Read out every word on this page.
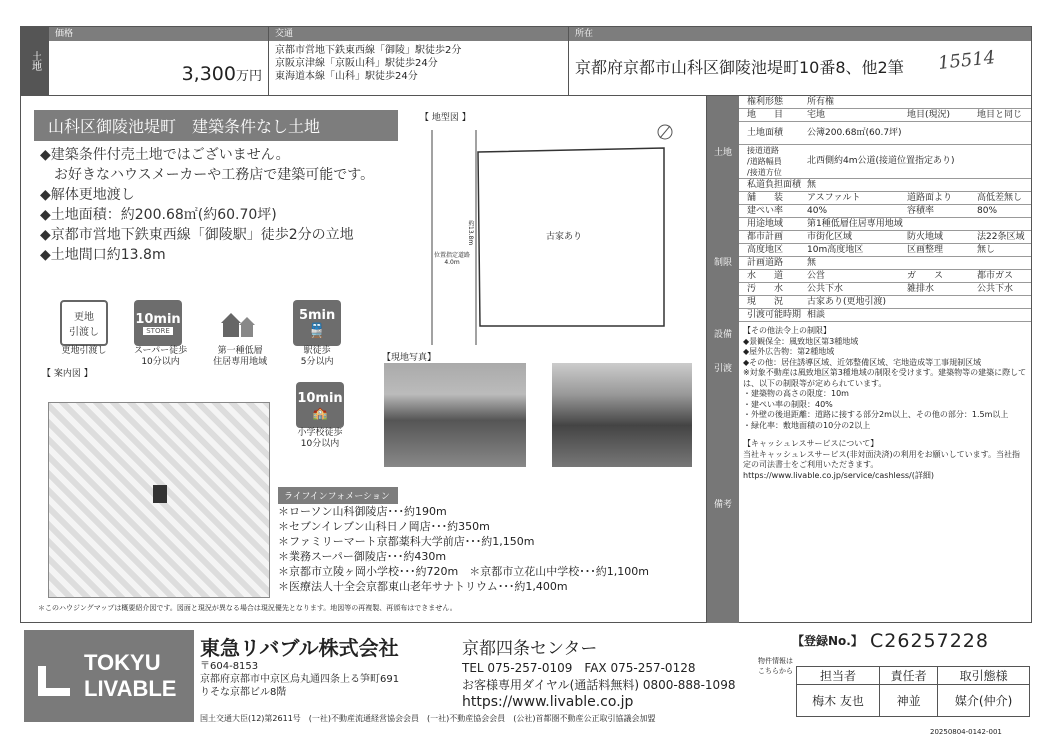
15514
土地
価格
3,300万円
交通
京都市営地下鉄東西線「御陵」駅徒歩2分
京阪京津線「京阪山科」駅徒歩24分
東海道本線「山科」駅徒歩24分
所在
京都府京都市山科区御陵池堤町10番8、他2筆
山科区御陵池堤町　建築条件なし土地
◆建築条件付売土地ではございません。
お好きなハウスメーカーや工務店で建築可能です。
◆解体更地渡し
◆土地面積：約200.68㎡(約60.70坪)
◆京都市営地下鉄東西線「御陵駅」徒歩2分の立地
◆土地間口約13.8m
更地
引渡し
更地引渡し
10min
STORE
スーパー徒歩
10分以内
第一種低層
住居専用地域
5min
🚆
駅徒歩
5分以内
10min
🏫
小学校徒歩
10分以内
【 地型図 】
古家あり
位置指定道路
4.0m
約13.8m
【現地写真】
【 案内図 】
ライフインフォメーション
＊ローソン山科御陵店･･･約190m
＊セブンイレブン山科日ノ岡店･･･約350m
＊ファミリーマート京都薬科大学前店･･･約1,150m
＊業務スーパー御陵店･･･約430m
＊京都市立陵ヶ岡小学校･･･約720m　＊京都市立花山中学校･･･約1,100m
＊医療法人十全会京都東山老年サナトリウム･･･約1,400m
＊このハウジングマップは概要紹介図です。図面と現況が異なる場合は現況優先となります。地図等の再複製、再頒布はできません。
土地
制限
設備
引渡
備考
権利形態	所有権
地　　目	宅地	地目(現況)	地目と同じ
土地面積	公簿200.68㎡(60.7坪)
接道道路
/道路幅員
/接道方位
北西側約4m公道(接道位置指定あり)
私道負担面積 無
舗　　装	アスファルト	道路面より	高低差無し
建ぺい率	40%	容積率	80%
用途地域	第1種低層住居専用地域
都市計画	市街化区域	防火地域	法22条区域
高度地区	10m高度地区	区画整理	無し
計画道路	無
水　　道	公営	ガ　　ス	都市ガス
汚　　水	公共下水	雑排水	公共下水
現　　況	古家あり(更地引渡)
引渡可能時期 相談
【その他法令上の制限】
◆景観保全：風致地区第3種地域
◆屋外広告物：第2種地域
◆その他：居住誘導区域、近郊整備区域、宅地造成等工事規制区域
※対象不動産は風致地区第3種地域の制限を受けます。建築物等の建築に際しては、以下の制限等が定められています。
・建築物の高さの限度：10m
・建ぺい率の制限：40%
・外壁の後退距離：道路に接する部分2m以上、その他の部分：1.5m以上
・緑化率：敷地面積の10分の2以上
【キャッシュレスサービスについて】
当社キャッシュレスサービス(非対面決済)の利用をお願いしています。当社指定の司法書士をご利用いただきます。
https://www.livable.co.jp/service/cashless/(詳細)
TOKYU
LIVABLE
東急リバブル株式会社	京都四条センター
〒604-8153
京都府京都市中京区烏丸通四条上る笋町691
りそな京都ビル8階
TEL 075-257-0109　FAX 075-257-0128
お客様専用ダイヤル(通話料無料) 0800-888-1098
https://www.livable.co.jp
国土交通大臣(12)第2611号　(一社)不動産流通経営協会会員　(一社)不動産協会会員　(公社)首都圏不動産公正取引協議会加盟
【登録No.】 C26257228
物件情報は
こちらから 担当者	責任者	取引態様
梅木 友也	神並	媒介(仲介)
20250804-0142-001
